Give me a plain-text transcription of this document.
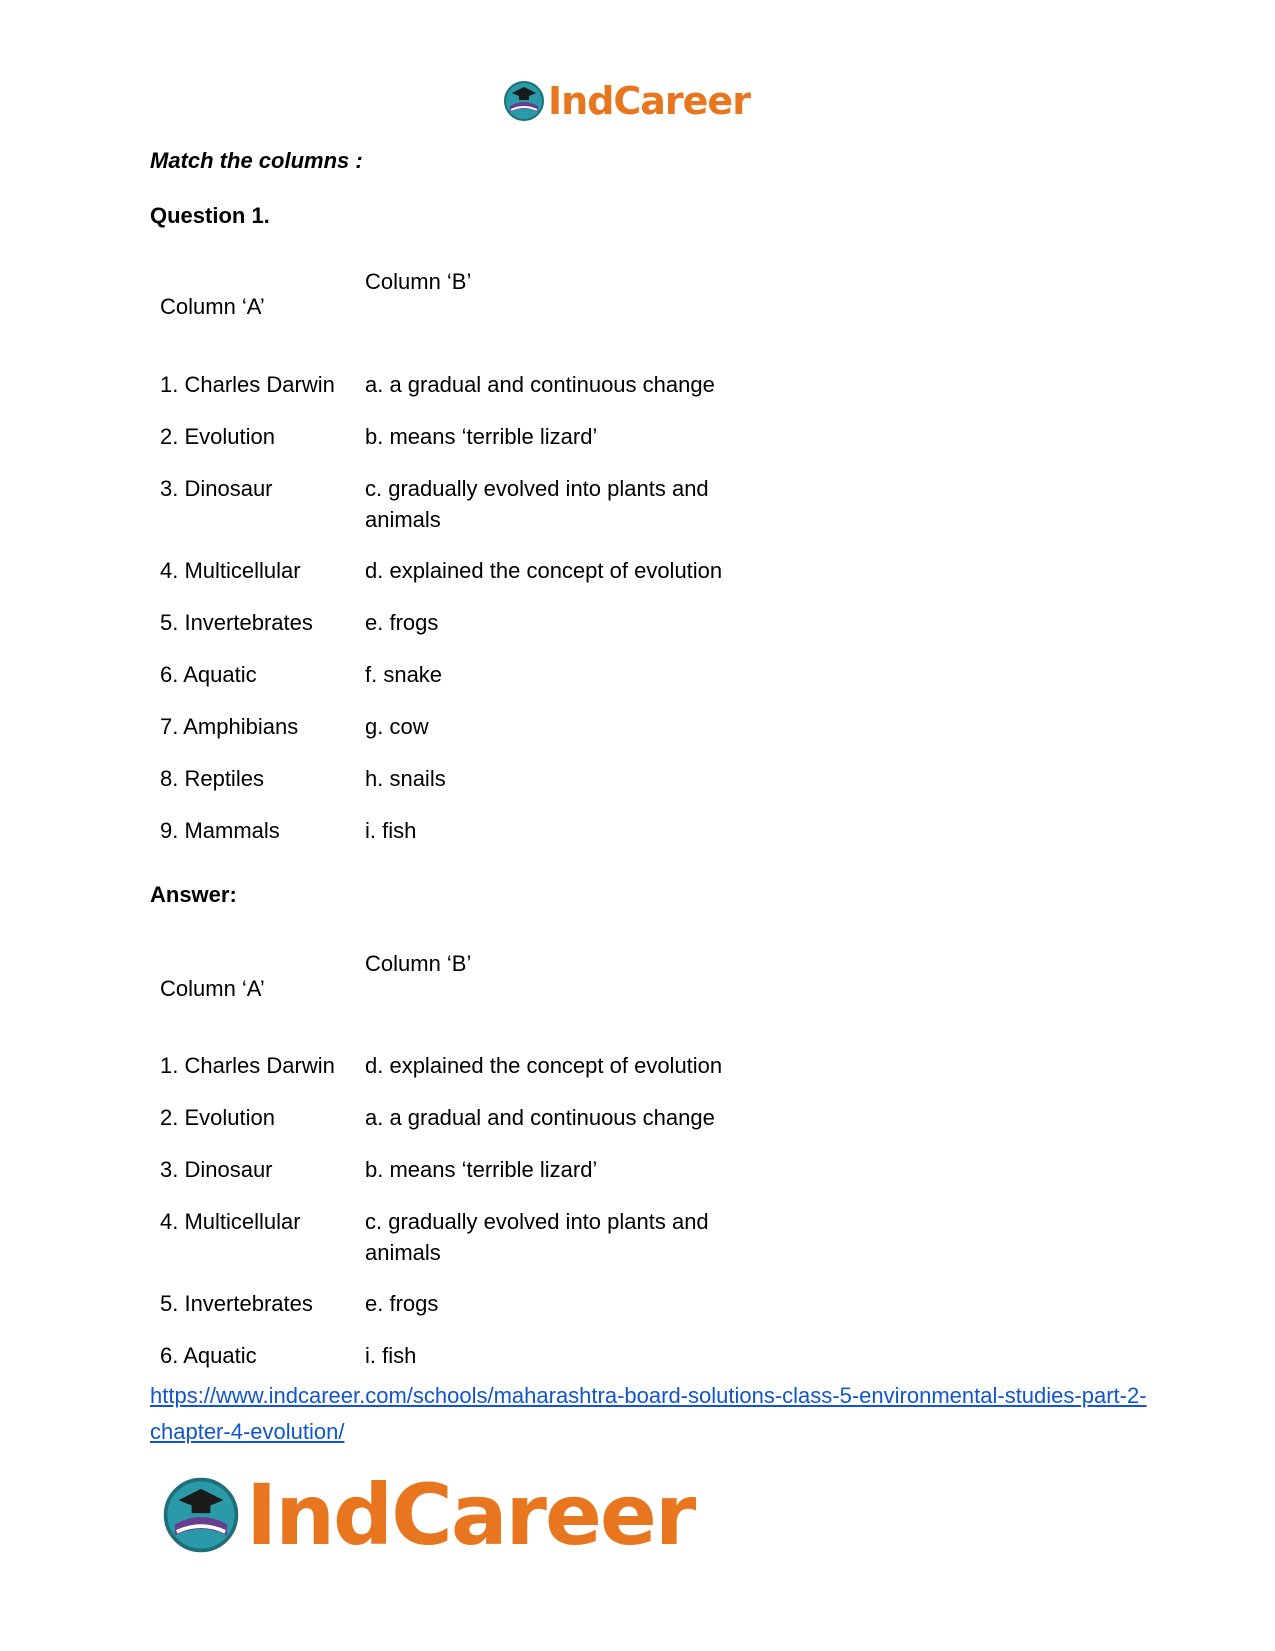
IndCareer
Match the columns :
Question 1.
Column ‘A’
Column ‘B’
1. Charles Darwin a. a gradual and continuous change
2. Evolution	b. means ‘terrible lizard’
3. Dinosaur	c. gradually evolved into plants and animals
4. Multicellular	d. explained the concept of evolution
5. Invertebrates e. frogs
6. Aquatic	f. snake
7. Amphibians	g. cow
8. Reptiles	h. snails
9. Mammals	i. fish
Answer:
Column ‘A’
Column ‘B’
1. Charles Darwin d. explained the concept of evolution
2. Evolution	a. a gradual and continuous change
3. Dinosaur	b. means ‘terrible lizard’
4. Multicellular	c. gradually evolved into plants and animals
5. Invertebrates e. frogs
6. Aquatic	i. fish
https://www.indcareer.com/schools/maharashtra-board-solutions-class-5-environmental-studies-part-2-chapter-4-evolution/
IndCareer
